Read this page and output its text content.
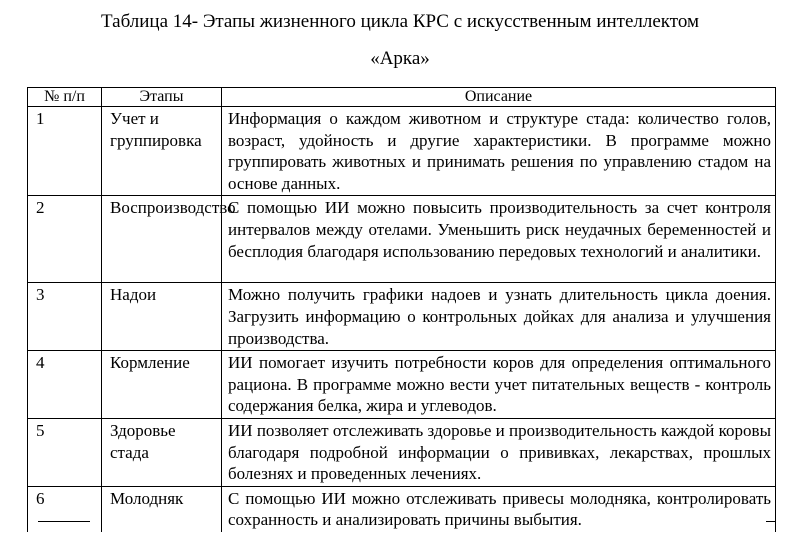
Таблица 14- Этапы жизненного цикла КРС с искусственным интеллектом
«Арка»
№ п/п	Этапы	Описание
1	Учет и группировка	Информация о каждом животном и структуре стада: количество голов, возраст, удойность и другие характеристики. В программе можно группировать животных и принимать решения по управлению стадом на основе данных.
2	Воспроизводство	С помощью ИИ можно повысить производительность за счет контроля интервалов между отелами. Уменьшить риск неудачных беременностей и бесплодия благодаря использованию передовых технологий и аналитики.
3	Надои	Можно получить графики надоев и узнать длительность цикла доения. Загрузить информацию о контрольных дойках для анализа и улучшения производства.
4	Кормление	ИИ помогает изучить потребности коров для определения оптимального рациона. В программе можно вести учет питательных веществ - контроль содержания белка, жира и углеводов.
5	Здоровье стада	ИИ позволяет отслеживать здоровье и производительность каждой коровы благодаря подробной информации о прививках, лекарствах, прошлых болезнях и проведенных лечениях.
6	Молодняк	С помощью ИИ можно отслеживать привесы молодняка, контролировать сохранность и анализировать причины выбытия.
